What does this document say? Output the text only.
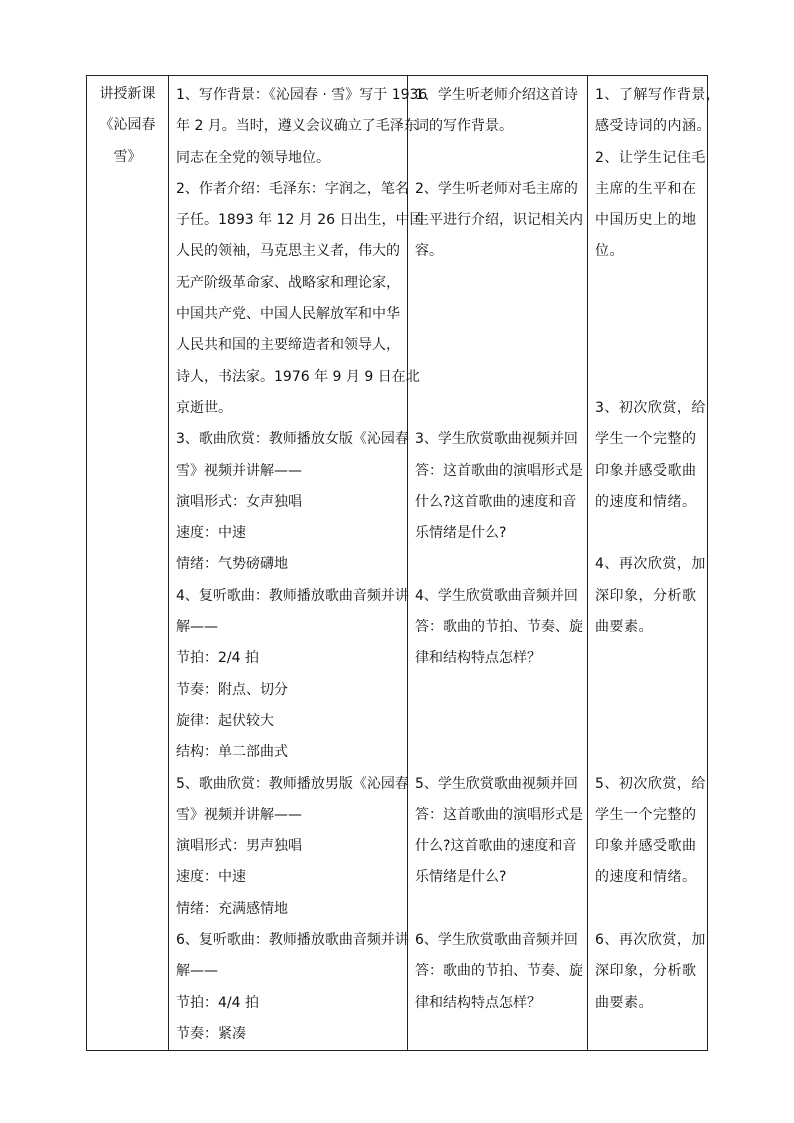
讲授新课
《沁园春
雪》

1、写作背景：《沁园春 · 雪》写于 1936
年 2 月。当时，遵义会议确立了毛泽东
同志在全党的领导地位。
2、作者介绍：毛泽东：字润之，笔名
子任。1893 年 12 月 26 日出生，中国
人民的领袖，马克思主义者，伟大的
无产阶级革命家、战略家和理论家，
中国共产党、中国人民解放军和中华
人民共和国的主要缔造者和领导人，
诗人，书法家。1976 年 9 月 9 日在北
京逝世。
3、歌曲欣赏：教师播放女版《沁园春
雪》视频并讲解——
演唱形式：女声独唱
速度：中速
情绪：气势磅礴地
4、复听歌曲：教师播放歌曲音频并讲
解——
节拍：2/4 拍
节奏：附点、切分
旋律：起伏较大
结构：单二部曲式
5、歌曲欣赏：教师播放男版《沁园春
雪》视频并讲解——
演唱形式：男声独唱
速度：中速
情绪：充满感情地
6、复听歌曲：教师播放歌曲音频并讲
解——
节拍：4/4 拍
节奏：紧凑

1、学生听老师介绍这首诗
词的写作背景。
2、学生听老师对毛主席的
生平进行介绍，识记相关内
容。
3、学生欣赏歌曲视频并回
答：这首歌曲的演唱形式是
什么?这首歌曲的速度和音
乐情绪是什么?
4、学生欣赏歌曲音频并回
答：歌曲的节拍、节奏、旋
律和结构特点怎样？
5、学生欣赏歌曲视频并回
答：这首歌曲的演唱形式是
什么?这首歌曲的速度和音
乐情绪是什么?
6、学生欣赏歌曲音频并回
答：歌曲的节拍、节奏、旋
律和结构特点怎样？

1、了解写作背景，
感受诗词的内涵。
2、让学生记住毛
主席的生平和在
中国历史上的地
位。
3、初次欣赏，给
学生一个完整的
印象并感受歌曲
的速度和情绪。
4、再次欣赏，加
深印象，分析歌
曲要素。
5、初次欣赏，给
学生一个完整的
印象并感受歌曲
的速度和情绪。
6、再次欣赏，加
深印象，分析歌
曲要素。
